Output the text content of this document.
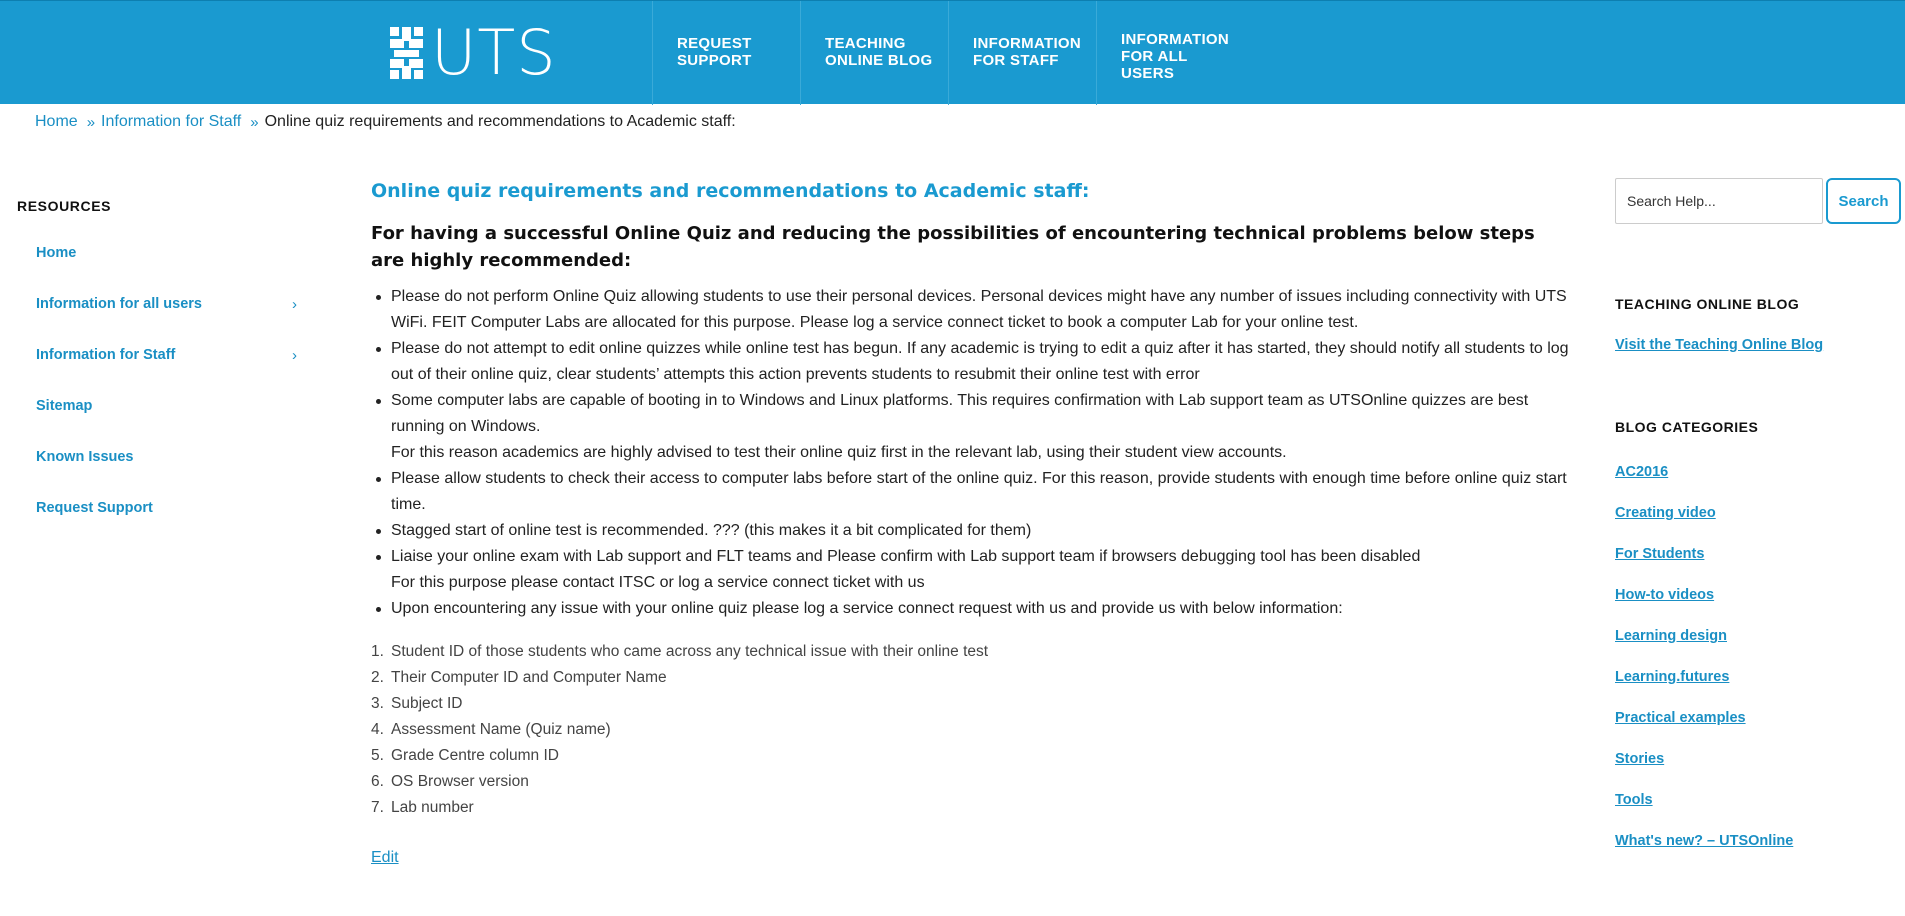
UTS	REQUEST
SUPPORT
TEACHING
ONLINE BLOG
INFORMATION
FOR STAFF
INFORMATION
FOR ALL
USERS
Home » Information for Staff » Online quiz requirements and recommendations to Academic staff:
RESOURCES
Home
Information for all users	›
Information for Staff	›
Sitemap
Known Issues
Request Support
Online quiz requirements and recommendations to Academic staff:
For having a successful Online Quiz and reducing the possibilities of encountering technical problems below steps are highly recommended:
Please do not perform Online Quiz allowing students to use their personal devices. Personal devices might have any number of issues including connectivity with UTS WiFi. FEIT Computer Labs are allocated for this purpose. Please log a service connect ticket to book a computer Lab for your online test.
Please do not attempt to edit online quizzes while online test has begun. If any academic is trying to edit a quiz after it has started, they should notify all students to log out of their online quiz, clear students’ attempts this action prevents students to resubmit their online test with error
Some computer labs are capable of booting in to Windows and Linux platforms. This requires confirmation with Lab support team as UTSOnline quizzes are best running on Windows.
For this reason academics are highly advised to test their online quiz first in the relevant lab, using their student view accounts.
Please allow students to check their access to computer labs before start of the online quiz. For this reason, provide students with enough time before online quiz start time.
Stagged start of online test is recommended. ??? (this makes it a bit complicated for them)
Liaise your online exam with Lab support and FLT teams and Please confirm with Lab support team if browsers debugging tool has been disabled
For this purpose please contact ITSC or log a service connect ticket with us
Upon encountering any issue with your online quiz please log a service connect request with us and provide us with below information:
1. Student ID of those students who came across any technical issue with their online test
2. Their Computer ID and Computer Name
3. Subject ID
4. Assessment Name (Quiz name)
5. Grade Centre column ID
6. OS Browser version
7. Lab number
Edit
Search Help...
Search
TEACHING ONLINE BLOG
Visit the Teaching Online Blog
BLOG CATEGORIES
AC2016
Creating video
For Students
How-to videos
Learning design
Learning.futures
Practical examples
Stories
Tools
What's new? – UTSOnline
